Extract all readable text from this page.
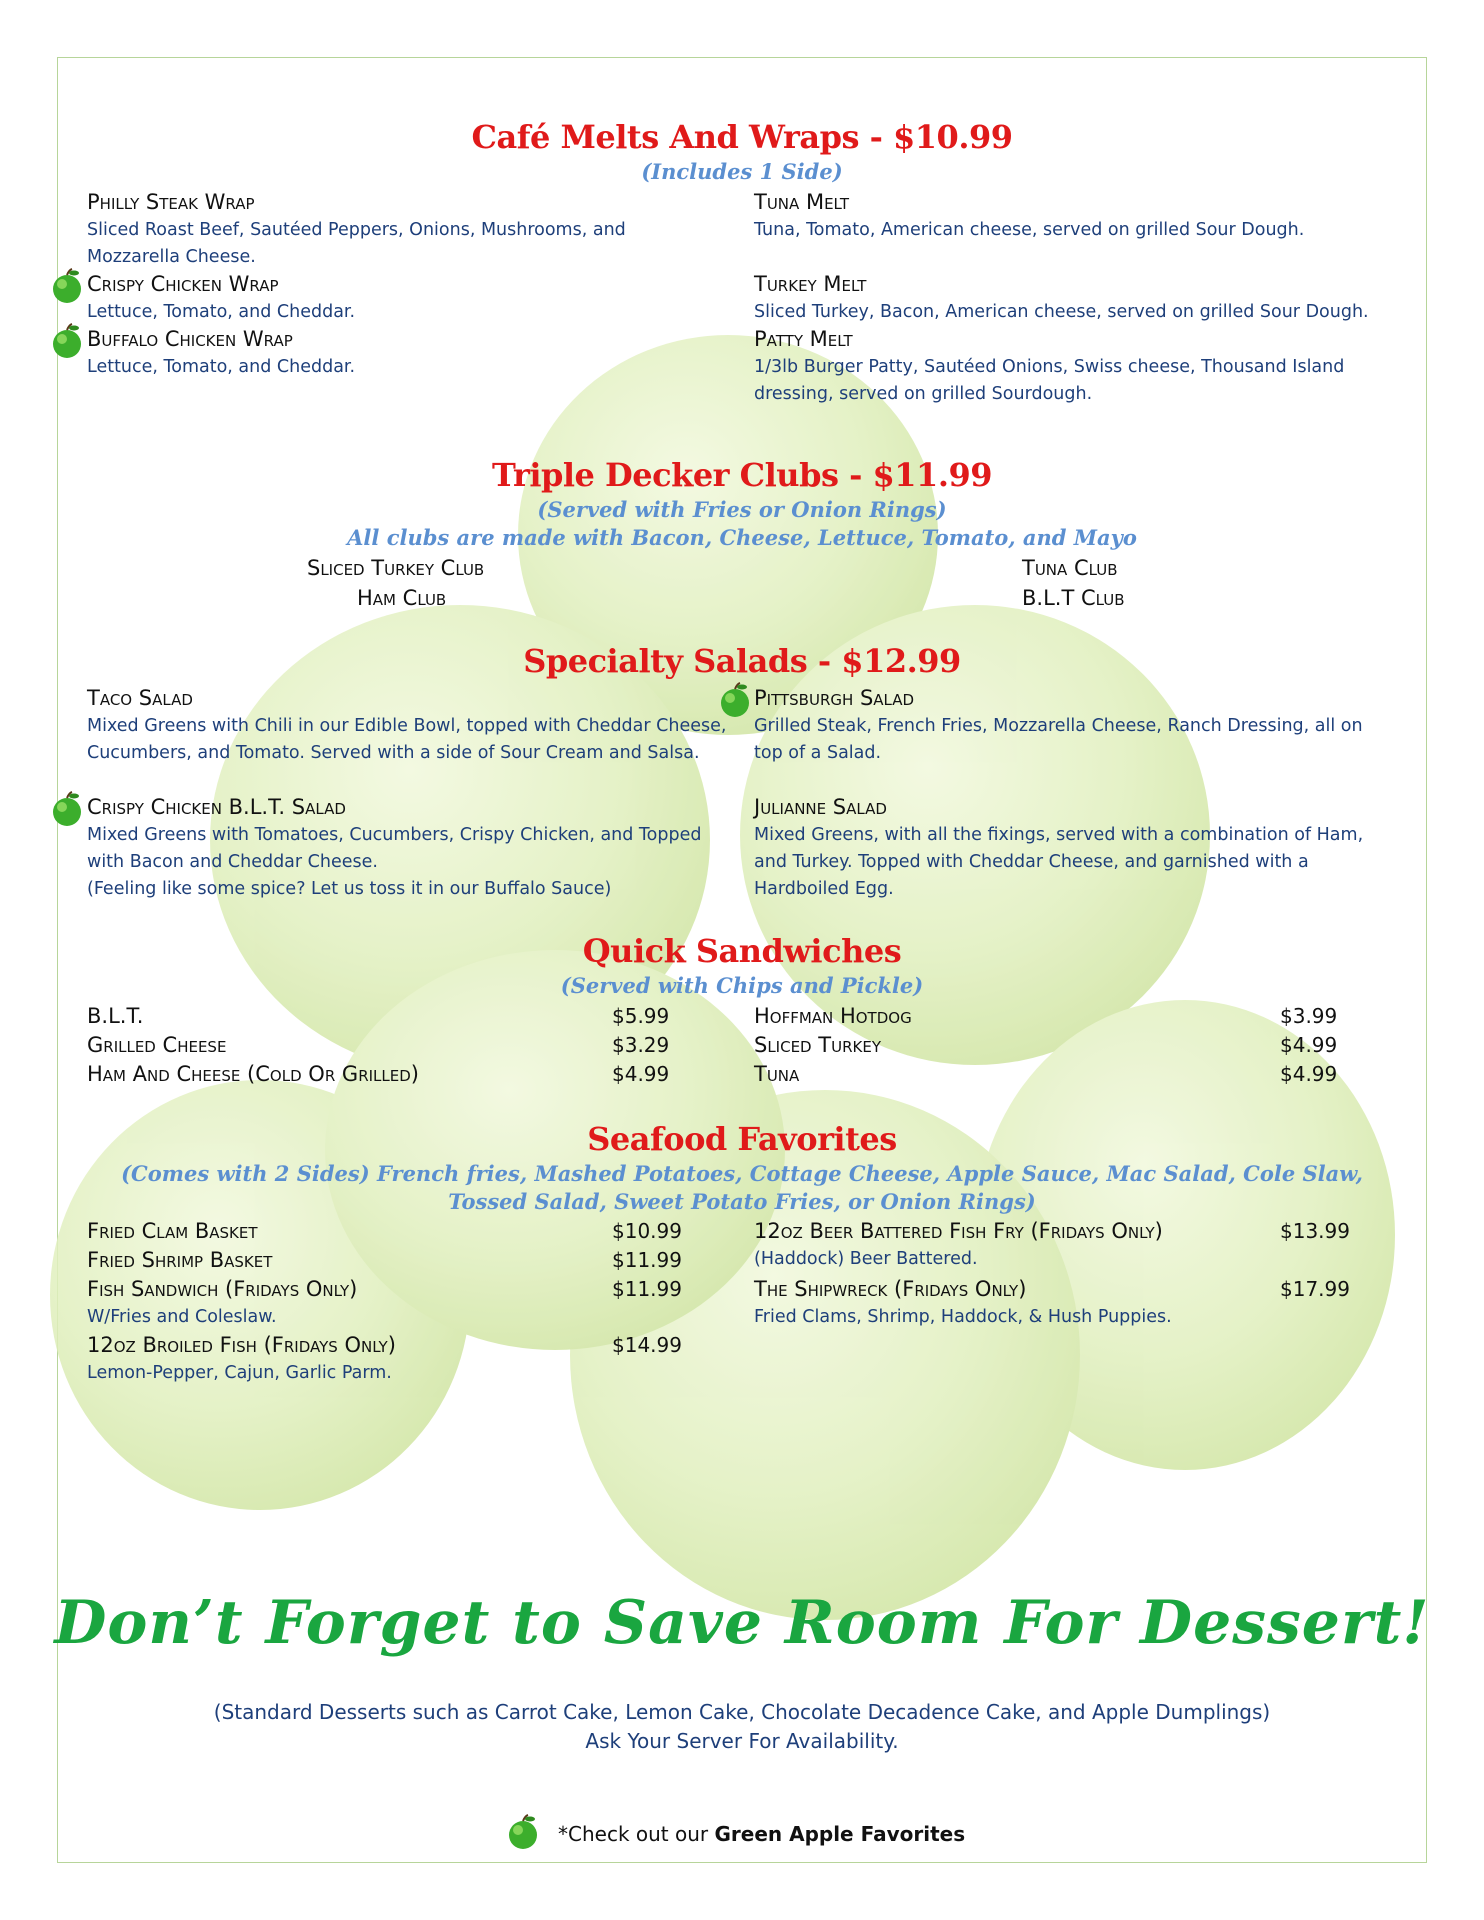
Café Melts And Wraps - $10.99
(Includes 1 Side)
Philly Steak Wrap
Sliced Roast Beef, Sautéed Peppers, Onions, Mushrooms, and Mozzarella Cheese.
Crispy Chicken Wrap
Lettuce, Tomato, and Cheddar.
Buffalo Chicken Wrap
Lettuce, Tomato, and Cheddar.
Tuna Melt
Tuna, Tomato, American cheese, served on grilled Sour Dough.
Turkey Melt
Sliced Turkey, Bacon, American cheese, served on grilled Sour Dough.
Patty Melt
1/3lb Burger Patty, Sautéed Onions, Swiss cheese, Thousand Island dressing, served on grilled Sourdough.
Triple Decker Clubs - $11.99
(Served with Fries or Onion Rings)
All clubs are made with Bacon, Cheese, Lettuce, Tomato, and Mayo
Sliced Turkey Club
Ham Club
Tuna Club
B.L.T Club
Specialty Salads - $12.99
Taco Salad
Mixed Greens with Chili in our Edible Bowl, topped with Cheddar Cheese, Cucumbers, and Tomato. Served with a side of Sour Cream and Salsa.
Crispy Chicken B.L.T. Salad
Mixed Greens with Tomatoes, Cucumbers, Crispy Chicken, and Topped with Bacon and Cheddar Cheese.
(Feeling like some spice? Let us toss it in our Buffalo Sauce)
Pittsburgh Salad
Grilled Steak, French Fries, Mozzarella Cheese, Ranch Dressing, all on top of a Salad.
Julianne Salad
Mixed Greens, with all the fixings, served with a combination of Ham, and Turkey. Topped with Cheddar Cheese, and garnished with a Hardboiled Egg.
Quick Sandwiches
(Served with Chips and Pickle)
B.L.T.	$5.99
Grilled Cheese	$3.29
Ham And Cheese (Cold Or Grilled)	$4.99
Hoffman Hotdog	$3.99
Sliced Turkey	$4.99
Tuna	$4.99
Seafood Favorites
(Comes with 2 Sides) French fries, Mashed Potatoes, Cottage Cheese, Apple Sauce, Mac Salad, Cole Slaw,
Tossed Salad, Sweet Potato Fries, or Onion Rings)
Fried Clam Basket	$10.99
Fried Shrimp Basket	$11.99
Fish Sandwich (Fridays Only)	$11.99
W/Fries and Coleslaw.
12oz Broiled Fish (Fridays Only)	$14.99
Lemon-Pepper, Cajun, Garlic Parm.
12oz Beer Battered Fish Fry (Fridays Only)	$13.99
(Haddock) Beer Battered.
The Shipwreck (Fridays Only)	$17.99
Fried Clams, Shrimp, Haddock, & Hush Puppies.
Don’t Forget to Save Room For Dessert!
(Standard Desserts such as Carrot Cake, Lemon Cake, Chocolate Decadence Cake, and Apple Dumplings)
Ask Your Server For Availability.
*Check out our Green Apple Favorites
